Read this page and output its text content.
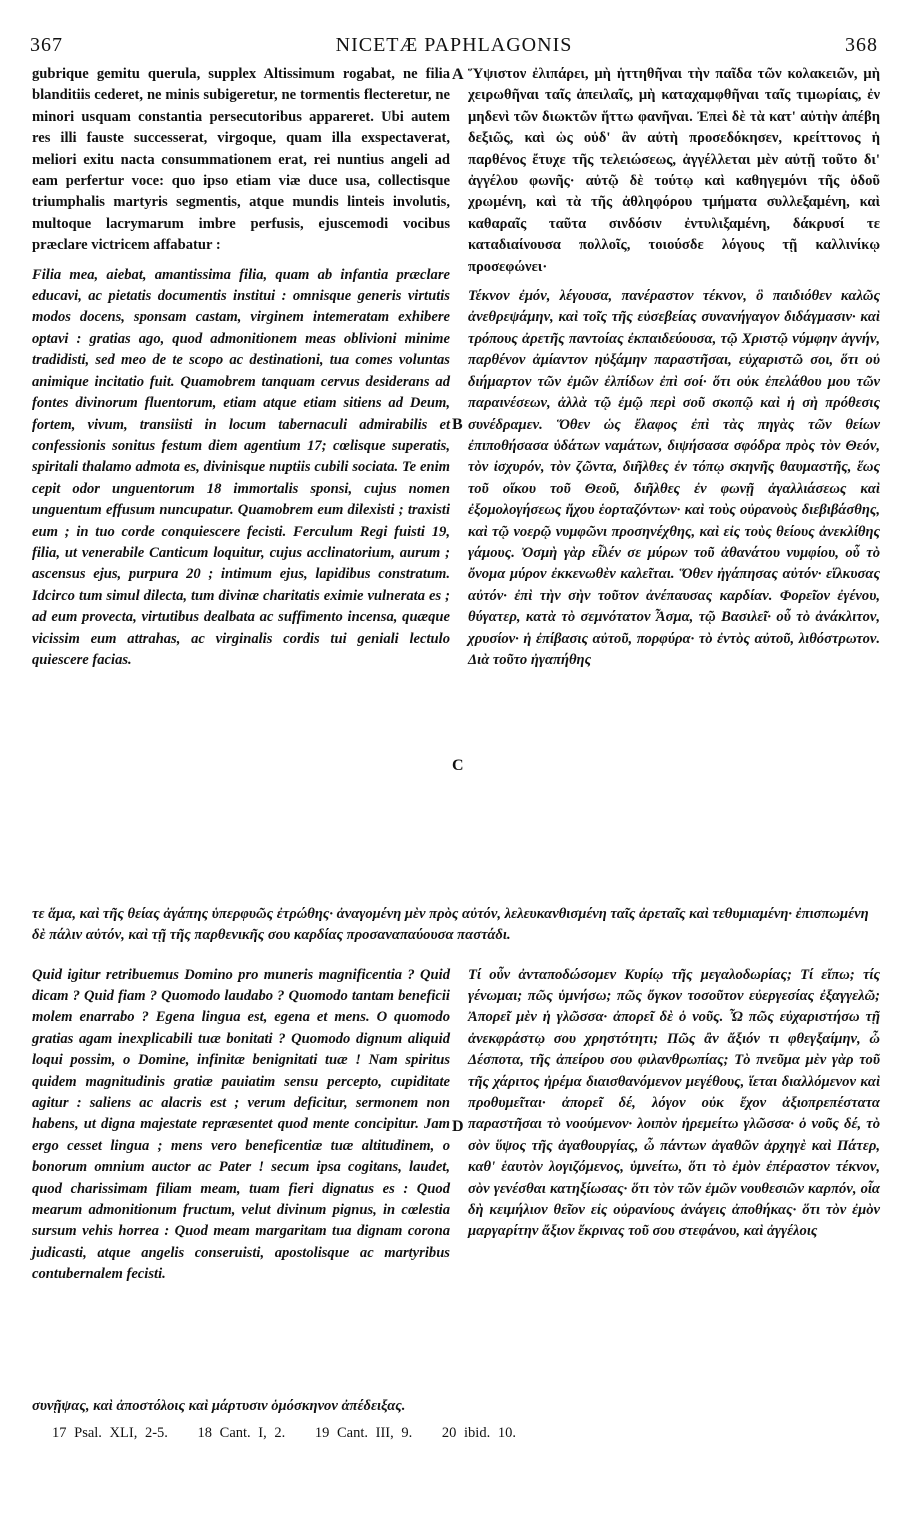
367	NICETÆ PAPHLAGONIS	368
A
B
C
D

gubrique gemitu querula, supplex Altissimum rogabat, ne filia blanditiis cederet, ne minis subigeretur, ne tormentis flecteretur, ne minori usquam constantia persecutoribus appareret. Ubi autem res illi fauste successerat, virgoque, quam illa exspectaverat, meliori exitu nacta consummationem erat, rei nuntius angeli ad eam perfertur voce: quo ipso etiam viæ duce usa, collectisque triumphalis martyris segmentis, atque mundis linteis involutis, multoque lacrymarum imbre perfusis, ejuscemodi vocibus præclare victricem affabatur :

Filia mea, aiebat, amantissima filia, quam ab infantia præclare educavi, ac pietatis documentis institui : omnisque generis virtutis modos docens, sponsam castam, virginem intemeratam exhibere optavi : gratias ago, quod admonitionem meas oblivioni minime tradidisti, sed meo de te scopo ac destinationi, tua comes voluntas animique incitatio fuit. Quamobrem tanquam cervus desiderans ad fontes divinorum fluentorum, etiam atque etiam sitiens ad Deum, fortem, vivum, transiisti in locum tabernaculi admirabilis et confessionis sonitus festum diem agentium 17; cœlisque superatis, spiritali thalamo admota es, divinisque nuptiis cubili sociata. Te enim cepit odor unguentorum 18 immortalis sponsi, cujus nomen unguentum effusum nuncupatur. Quamobrem eum dilexisti ; traxisti eum ; in tuo corde conquiescere fecisti. Ferculum Regi fuisti 19, filia, ut venerabile Canticum loquitur, cujus acclinatorium, aurum ; ascensus ejus, purpura 20 ; intimum ejus, lapidibus constratum. Idcirco tum simul dilecta, tum divinæ charitatis eximie vulnerata es ; ad eum provecta, virtutibus dealbata ac suffimento incensa, quæque vicissim eum attrahas, ac virginalis cordis tui geniali lectulo quiescere facias.

Ὕψιστον ἐλιπάρει, μὴ ἡττηθῆναι τὴν παῖδα τῶν κολακειῶν, μὴ χειρωθῆναι ταῖς ἀπειλαῖς, μὴ καταχαμφθῆναι ταῖς τιμωρίαις, ἐν μηδενὶ τῶν διωκτῶν ἥττω φανῆναι. Ἐπεὶ δὲ τὰ κατ' αὐτὴν ἀπέβη δεξιῶς, καὶ ὡς οὐδ' ἂν αὐτὴ προσεδόκησεν, κρείττονος ἡ παρθένος ἔτυχε τῆς τελειώσεως, ἀγγέλλεται μὲν αὐτῇ τοῦτο δι' ἀγγέλου φωνῆς· αὐτῷ δὲ τούτῳ καὶ καθηγεμόνι τῆς ὁδοῦ χρωμένη, καὶ τὰ τῆς ἀθληφόρου τμήματα συλλεξαμένη, καὶ καθαραῖς ταῦτα σινδόσιν ἐντυλιξαμένη, δάκρυσί τε καταδιαίνουσα πολλοῖς, τοιούσδε λόγους τῇ καλλινίκῳ προσεφώνει·

Τέκνον ἐμόν, λέγουσα, πανέραστον τέκνον, ὃ παιδιόθεν καλῶς ἀνεθρεψάμην, καὶ τοῖς τῆς εὐσεβείας συνανήγαγον διδάγμασιν· καὶ τρόπους ἀρετῆς παντοίας ἐκπαιδεύουσα, τῷ Χριστῷ νύμφην ἁγνήν, παρθένον ἀμίαντον ηὐξάμην παραστῆσαι, εὐχαριστῶ σοι, ὅτι οὐ διήμαρτον τῶν ἐμῶν ἐλπίδων ἐπὶ σοί· ὅτι οὐκ ἐπελάθου μου τῶν παραινέσεων, ἀλλὰ τῷ ἐμῷ περὶ σοῦ σκοπῷ καὶ ἡ σὴ πρόθεσις συνέδραμεν. Ὅθεν ὡς ἔλαφος ἐπὶ τὰς πηγὰς τῶν θείων ἐπιποθήσασα ὑδάτων ναμάτων, διψήσασα σφόδρα πρὸς τὸν Θεόν, τὸν ἰσχυρόν, τὸν ζῶντα, διῆλθες ἐν τόπῳ σκηνῆς θαυμαστῆς, ἕως τοῦ οἴκου τοῦ Θεοῦ, διῆλθες ἐν φωνῇ ἀγαλλιάσεως καὶ ἐξομολογήσεως ἤχου ἑορταζόντων· καὶ τοὺς οὐρανοὺς διεβιβάσθης, καὶ τῷ νοερῷ νυμφῶνι προσηνέχθης, καὶ εἰς τοὺς θείους ἀνεκλίθης γάμους. Ὀσμὴ γὰρ εἷλέν σε μύρων τοῦ ἀθανάτου νυμφίου, οὗ τὸ ὄνομα μύρον ἐκκενωθὲν καλεῖται. Ὅθεν ἠγάπησας αὐτόν· εἵλκυσας αὐτόν· ἐπὶ τὴν σὴν τοῦτον ἀνέπαυσας καρδίαν. Φορεῖον ἐγένου, θύγατερ, κατὰ τὸ σεμνότατον Ἆσμα, τῷ Βασιλεῖ· οὗ τὸ ἀνάκλιτον, χρυσίον· ἡ ἐπίβασις αὐτοῦ, πορφύρα· τὸ ἐντὸς αὐτοῦ, λιθόστρωτον. Διὰ τοῦτο ἠγαπήθης

τε ἅμα, καὶ τῆς θείας ἀγάπης ὑπερφυῶς ἐτρώθης· ἀναγομένη μὲν πρὸς αὐτόν, λελευκανθισμένη ταῖς ἀρεταῖς καὶ τεθυμιαμένη· ἐπισπωμένη δὲ πάλιν αὐτόν, καὶ τῇ τῆς παρθενικῆς σου καρδίας προσαναπαύουσα παστάδι.

Quid igitur retribuemus Domino pro muneris magnificentia ? Quid dicam ? Quid fiam ? Quomodo laudabo ? Quomodo tantam beneficii molem enarrabo ? Egena lingua est, egena et mens. O quomodo gratias agam inexplicabili tuæ bonitati ? Quomodo dignum aliquid loqui possim, o Domine, infinitæ benignitati tuæ ! Nam spiritus quidem magnitudinis gratiæ pauiatim sensu percepto, cupiditate agitur : saliens ac alacris est ; verum deficitur, sermonem non habens, ut digna majestate repræsentet quod mente concipitur. Jam ergo cesset lingua ; mens vero beneficentiæ tuæ altitudinem, o bonorum omnium auctor ac Pater ! secum ipsa cogitans, laudet, quod charissimam filiam meam, tuam fieri dignatus es : Quod mearum admonitionum fructum, velut divinum pignus, in cœlestia sursum vehis horrea : Quod meam margaritam tua dignam corona judicasti, atque angelis conseruisti, apostolisque ac martyribus contubernalem fecisti.

Τί οὖν ἀνταποδώσομεν Κυρίῳ τῆς μεγαλοδωρίας; Τί εἴπω; τίς γένωμαι; πῶς ὑμνήσω; πῶς ὄγκον τοσοῦτον εὐεργεσίας ἐξαγγελῶ; Ἀπορεῖ μὲν ἡ γλῶσσα· ἀπορεῖ δὲ ὁ νοῦς. Ὦ πῶς εὐχαριστήσω τῇ ἀνεκφράστῳ σου χρηστότητι; Πῶς ἂν ἄξιόν τι φθεγξαίμην, ὦ Δέσποτα, τῆς ἀπείρου σου φιλανθρωπίας; Τὸ πνεῦμα μὲν γὰρ τοῦ τῆς χάριτος ἠρέμα διαισθανόμενον μεγέθους, ἵεται διαλλόμενον καὶ προθυμεῖται· ἀπορεῖ δέ, λόγον οὐκ ἔχον ἀξιοπρεπέστατα παραστῆσαι τὸ νοούμενον· λοιπὸν ἠρεμείτω γλῶσσα· ὁ νοῦς δέ, τὸ σὸν ὕψος τῆς ἀγαθουργίας, ὦ πάντων ἀγαθῶν ἀρχηγὲ καὶ Πάτερ, καθ' ἑαυτὸν λογιζόμενος, ὑμνείτω, ὅτι τὸ ἐμὸν ἐπέραστον τέκνον, σὸν γενέσθαι κατηξίωσας· ὅτι τὸν τῶν ἐμῶν νουθεσιῶν καρπόν, οἷα δὴ κειμήλιον θεῖον εἰς οὐρανίους ἀνάγεις ἀποθήκας· ὅτι τὸν ἐμὸν μαργαρίτην ἄξιον ἔκρινας τοῦ σου στεφάνου, καὶ ἀγγέλοις

συνῇψας, καὶ ἀποστόλοις καὶ μάρτυσιν ὁμόσκηνον ἀπέδειξας.
17 Psal. XLI, 2-5. 18 Cant. I, 2. 19 Cant. III, 9. 20 ibid. 10.
